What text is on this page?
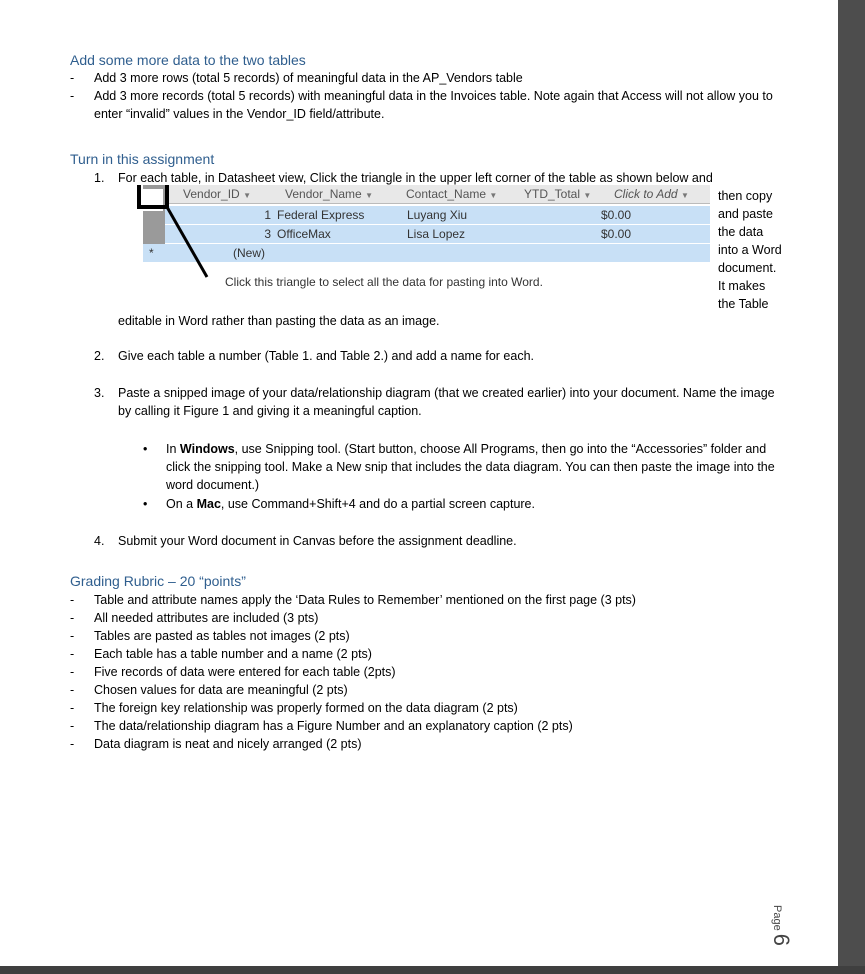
Add some more data to the two tables
- Add 3 more rows (total 5 records) of meaningful data in the AP_Vendors table
- Add 3 more records (total 5 records) with meaningful data in the Invoices table. Note again that Access will not allow you to enter “invalid” values in the Vendor_ID field/attribute.
Turn in this assignment
1. For each table, in Datasheet view, Click the triangle in the upper left corner of the table as shown below and
Vendor_ID ▼	Vendor_Name ▼	Contact_Name ▼ YTD_Total ▼ Click to Add ▼
1 Federal Express	Luyang Xiu	$0.00
3 OfficeMax	Lisa Lopez	$0.00
*	(New)
Click this triangle to select all the data for pasting into Word.
then copy
and paste
the data
into a Word
document.
It makes
the Table
editable in Word rather than pasting the data as an image.
2. Give each table a number (Table 1. and Table 2.) and add a name for each.
3. Paste a snipped image of your data/relationship diagram (that we created earlier) into your document. Name the image by calling it Figure 1 and giving it a meaningful caption.
• In Windows, use Snipping tool. (Start button, choose All Programs, then go into the “Accessories” folder and click the snipping tool. Make a New snip that includes the data diagram. You can then paste the image into the word document.)
• On a Mac, use Command+Shift+4 and do a partial screen capture.
4. Submit your Word document in Canvas before the assignment deadline.
Grading Rubric – 20 “points”
- Table and attribute names apply the ‘Data Rules to Remember’ mentioned on the first page (3 pts)
- All needed attributes are included (3 pts)
- Tables are pasted as tables not images (2 pts)
- Each table has a table number and a name (2 pts)
- Five records of data were entered for each table (2pts)
- Chosen values for data are meaningful (2 pts)
- The foreign key relationship was properly formed on the data diagram (2 pts)
- The data/relationship diagram has a Figure Number and an explanatory caption (2 pts)
- Data diagram is neat and nicely arranged (2 pts)
Page 6
